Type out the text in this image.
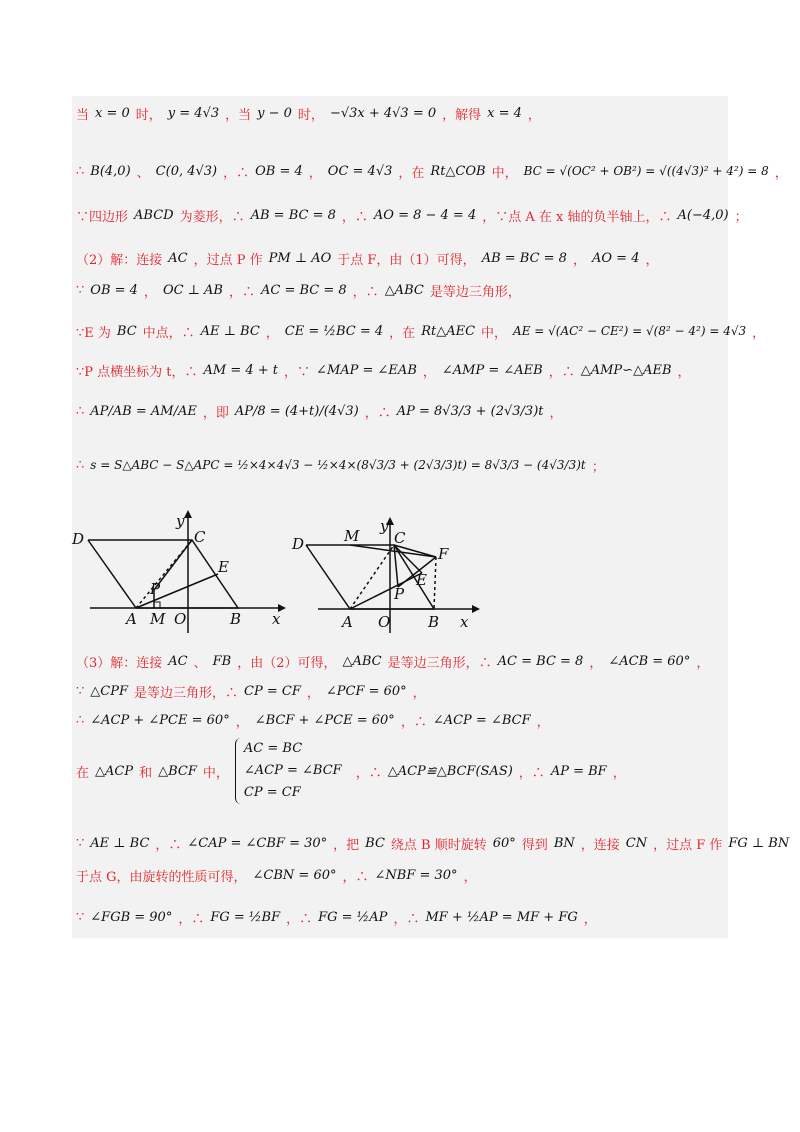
当 x = 0 时， y = 4√3 ，当 y − 0 时， −√3x + 4√3 = 0 ，解得 x = 4 ，
∴ B(4,0) 、 C(0, 4√3) ，∴ OB = 4 ， OC = 4√3 ，在 Rt△COB 中， BC = √(OC² + OB²) = √((4√3)² + 4²) = 8 ，
∵四边形 ABCD 为菱形，∴ AB = BC = 8 ，∴ AO = 8 − 4 = 4 ，∵点 A 在 x 轴的负半轴上，∴ A(−4,0) ；
（2）解：连接 AC ，过点 P 作 PM ⊥ AO 于点 F，由（1）可得， AB = BC = 8 ， AO = 4 ，
∵ OB = 4 ， OC ⊥ AB ，∴ AC = BC = 8 ，∴ △ABC 是等边三角形，
∵E 为 BC 中点，∴ AE ⊥ BC ， CE = ½BC = 4 ，在 Rt△AEC 中， AE = √(AC² − CE²) = √(8² − 4²) = 4√3 ，
∵P 点横坐标为 t，∴ AM = 4 + t ，∵ ∠MAP = ∠EAB ， ∠AMP = ∠AEB ，∴ △AMP∽△AEB ，
∴ AP/AB = AM/AE ，即 AP/8 = (4+t)/(4√3) ，∴ AP = 8√3/3 + (2√3/3)t ，
∴ s = S△ABC − S△APC = ½×4×4√3 − ½×4×(8√3/3 + (2√3/3)t) = 8√3/3 − (4√3/3)t ；
D
y
C
E
P
A M O	B x
M
y
C
D
F
E
P
A O	B x
（3）解：连接 AC 、 FB ，由（2）可得， △ABC 是等边三角形，∴ AC = BC = 8 ， ∠ACB = 60° ，
∵ △CPF 是等边三角形，∴ CP = CF ， ∠PCF = 60° ，
∴ ∠ACP + ∠PCE = 60° ， ∠BCF + ∠PCE = 60° ，∴ ∠ACP = ∠BCF ，
在 △ACP 和 △BCF 中，
AC = BC
∠ACP = ∠BCF
CP = CF
，∴ △ACP≌△BCF(SAS) ，∴ AP = BF ，
∵ AE ⊥ BC ，∴ ∠CAP = ∠CBF = 30° ，把 BC 绕点 B 顺时旋转 60° 得到 BN ，连接 CN ，过点 F 作 FG ⊥ BN
于点 G，由旋转的性质可得， ∠CBN = 60° ，∴ ∠NBF = 30° ，
∵ ∠FGB = 90° ，∴ FG = ½BF ，∴ FG = ½AP ，∴ MF + ½AP = MF + FG ，
